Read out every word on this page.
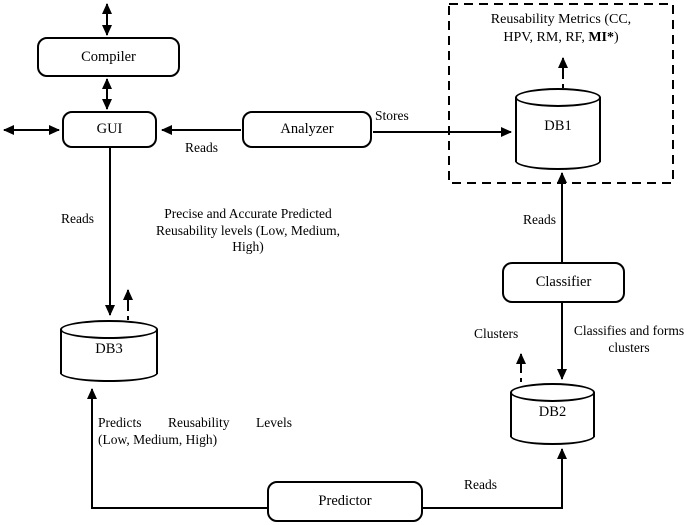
Compiler
GUI	Analyzer
Classifier
Predictor
DB1
DB2
DB3
Reusability Metrics (CC,
HPV, RM, RF, MI*)
Reads
Stores
Reads
Reads
Reads
Clusters	Classifies and forms
clusters
Precise and Accurate Predicted
Reusability levels (Low, Medium,
High)
Predicts Reusability Levels
(Low, Medium, High)
